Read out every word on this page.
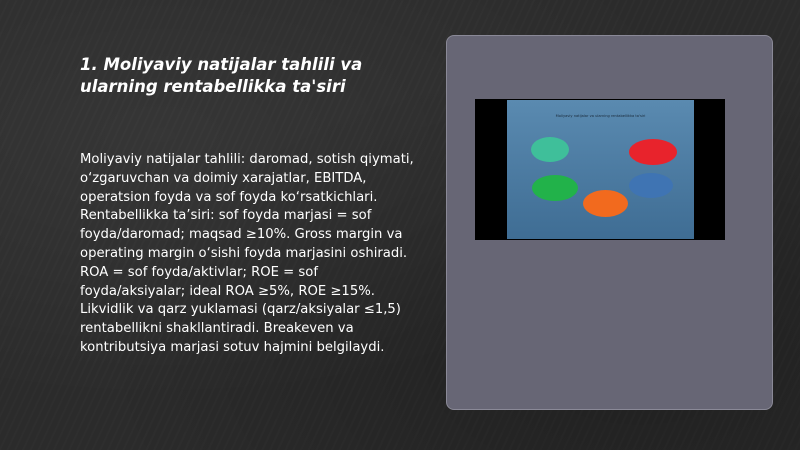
1. Moliyaviy natijalar tahlili va ularning rentabellikka ta'siri

Moliyaviy natijalar tahlili: daromad, sotish qiymati, o‘zgaruvchan va doimiy xarajatlar, EBITDA, operatsion foyda va sof foyda ko‘rsatkichlari. Rentabellikka ta’siri: sof foyda marjasi = sof foyda/daromad; maqsad ≥10%. Gross margin va operating margin o‘sishi foyda marjasini oshiradi. ROA = sof foyda/aktivlar; ROE = sof foyda/aksiyalar; ideal ROA ≥5%, ROE ≥15%. Likvidlik va qarz yuklamasi (qarz/aksiyalar ≤1,5) rentabellikni shakllantiradi. Breakeven va kontributsiya marjasi sotuv hajmini belgilaydi.

Moliyaviy natijalar va ularning rentabellikka ta'siri
